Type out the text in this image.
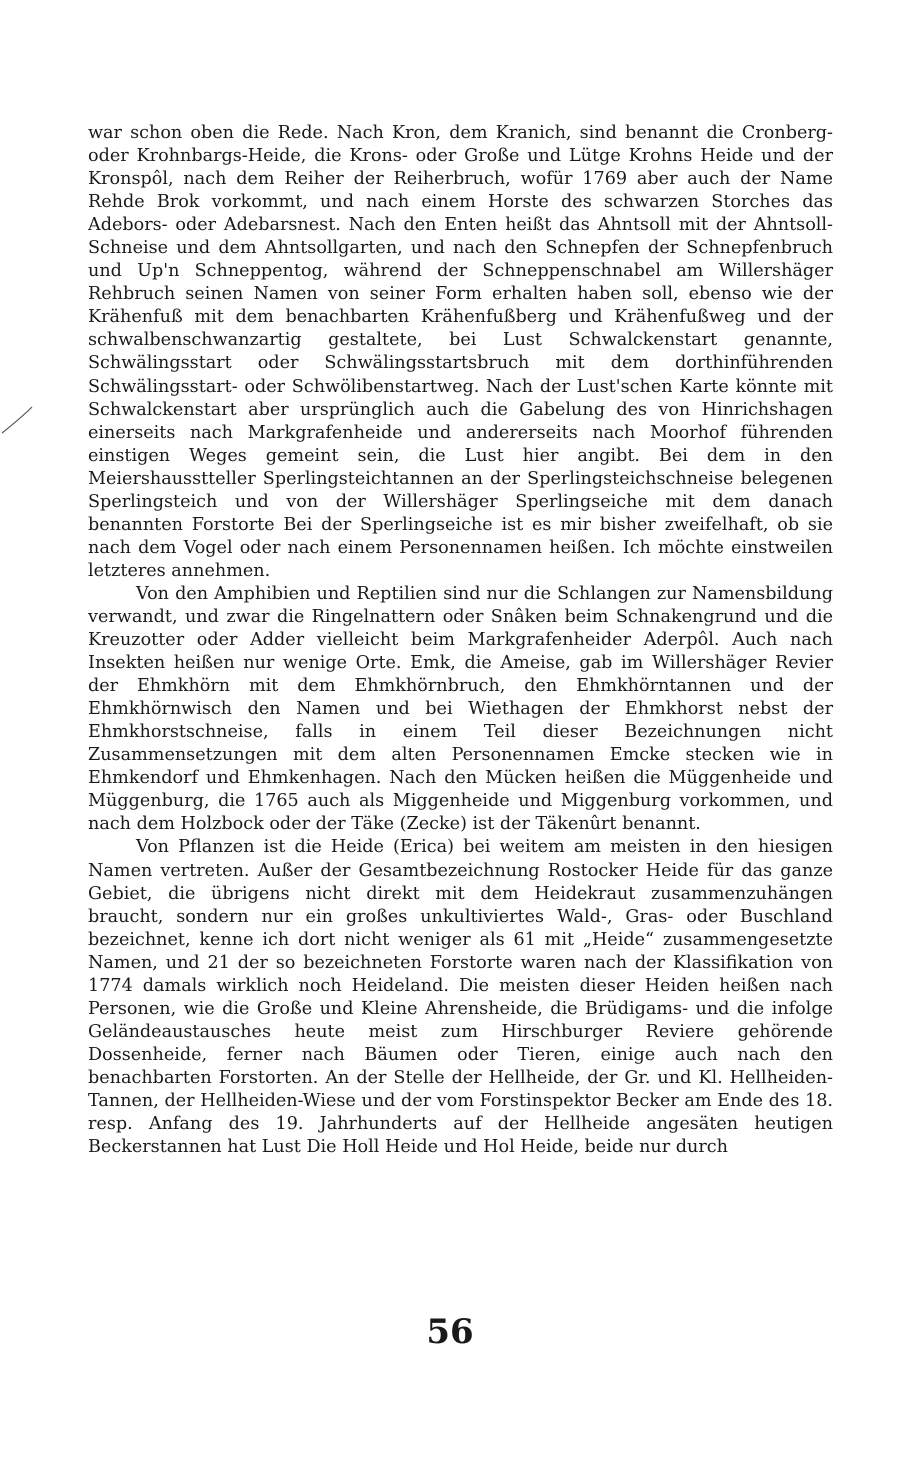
war schon oben die Rede. Nach Kron, dem Kranich, sind benannt die Cronberg- oder Krohnbargs-Heide, die Krons- oder Große und Lütge Krohns Heide und der Kronspôl, nach dem Reiher der Reiherbruch, wofür 1769 aber auch der Name Rehde Brok vorkommt, und nach einem Horste des schwarzen Storches das Adebors- oder Adebarsnest. Nach den Enten heißt das Ahntsoll mit der Ahntsoll-Schneise und dem Ahntsollgarten, und nach den Schnepfen der Schnepfenbruch und Up'n Schneppentog, während der Schneppenschnabel am Willershäger Rehbruch seinen Namen von seiner Form erhalten haben soll, ebenso wie der Krähenfuß mit dem benachbarten Krähenfußberg und Krähenfußweg und der schwalbenschwanzartig gestaltete, bei Lust Schwalckenstart genannte, Schwälingsstart oder Schwälingsstartsbruch mit dem dorthinführenden Schwälingsstart- oder Schwölibenstartweg. Nach der Lust'schen Karte könnte mit Schwalckenstart aber ursprünglich auch die Gabelung des von Hinrichshagen einerseits nach Markgrafenheide und andererseits nach Moorhof führenden einstigen Weges gemeint sein, die Lust hier angibt. Bei dem in den Meiershausstteller Sperlingsteichtannen an der Sperlingsteichschneise belegenen Sperlingsteich und von der Willershäger Sperlingseiche mit dem danach benannten Forstorte Bei der Sperlingseiche ist es mir bisher zweifelhaft, ob sie nach dem Vogel oder nach einem Personennamen heißen. Ich möchte einstweilen letzteres annehmen.

Von den Amphibien und Reptilien sind nur die Schlangen zur Namensbildung verwandt, und zwar die Ringelnattern oder Snâken beim Schnakengrund und die Kreuzotter oder Adder vielleicht beim Markgrafenheider Aderpôl. Auch nach Insekten heißen nur wenige Orte. Emk, die Ameise, gab im Willershäger Revier der Ehmkhörn mit dem Ehmkhörnbruch, den Ehmkhörntannen und der Ehmkhörnwisch den Namen und bei Wiethagen der Ehmkhorst nebst der Ehmkhorstschneise, falls in einem Teil dieser Bezeichnungen nicht Zusammensetzungen mit dem alten Personennamen Emcke stecken wie in Ehmkendorf und Ehmkenhagen. Nach den Mücken heißen die Müggenheide und Müggenburg, die 1765 auch als Miggenheide und Miggenburg vorkommen, und nach dem Holzbock oder der Täke (Zecke) ist der Täkenûrt benannt.

Von Pflanzen ist die Heide (Erica) bei weitem am meisten in den hiesigen Namen vertreten. Außer der Gesamtbezeichnung Rostocker Heide für das ganze Gebiet, die übrigens nicht direkt mit dem Heidekraut zusammenzuhängen braucht, sondern nur ein großes unkultiviertes Wald-, Gras- oder Buschland bezeichnet, kenne ich dort nicht weniger als 61 mit „Heide“ zusammengesetzte Namen, und 21 der so bezeichneten Forstorte waren nach der Klassifikation von 1774 damals wirklich noch Heideland. Die meisten dieser Heiden heißen nach Personen, wie die Große und Kleine Ahrensheide, die Brüdigams- und die infolge Geländeaustausches heute meist zum Hirschburger Reviere gehörende Dossenheide, ferner nach Bäumen oder Tieren, einige auch nach den benachbarten Forstorten. An der Stelle der Hellheide, der Gr. und Kl. Hellheiden-Tannen, der Hellheiden-Wiese und der vom Forstinspektor Becker am Ende des 18. resp. Anfang des 19. Jahrhunderts auf der Hellheide angesäten heutigen Beckerstannen hat Lust Die Holl Heide und Hol Heide, beide nur durch

56
